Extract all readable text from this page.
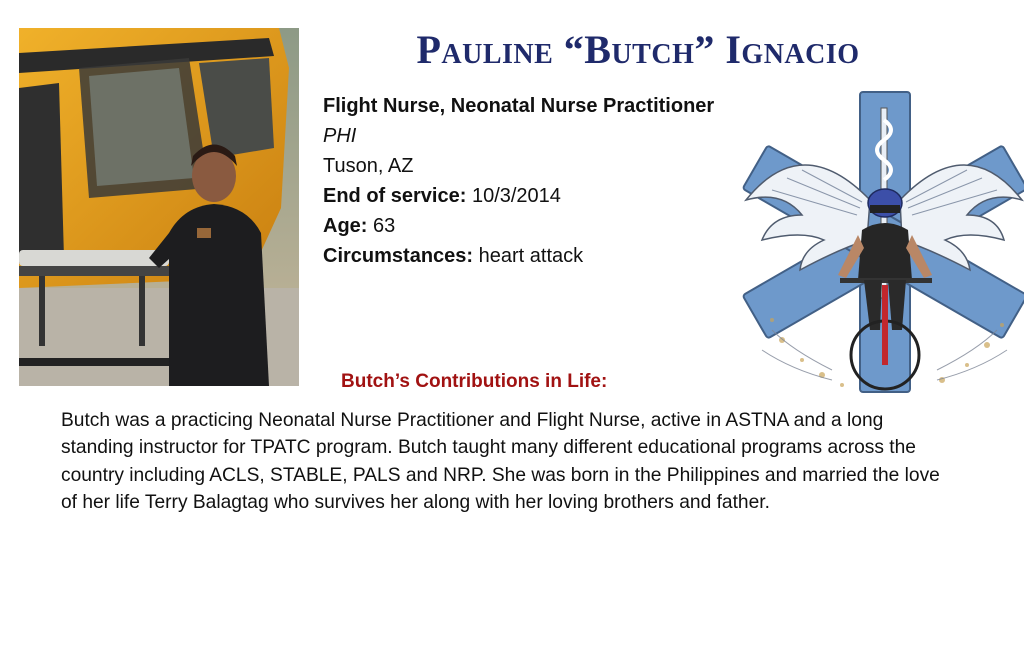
Pauline “Butch” Ignacio
Flight Nurse, Neonatal Nurse Practitioner
PHI
Tuson, AZ
End of service: 10/3/2014
Age: 63
Circumstances: heart attack
Butch’s Contributions in Life:

Butch was a practicing Neonatal Nurse Practitioner and Flight Nurse, active in ASTNA and a long standing instructor for TPATC program. Butch taught many different educational programs across the country including ACLS, STABLE, PALS and NRP. She was born in the Philippines and married the love of her life Terry Balagtag who survives her along with her loving brothers and father.
